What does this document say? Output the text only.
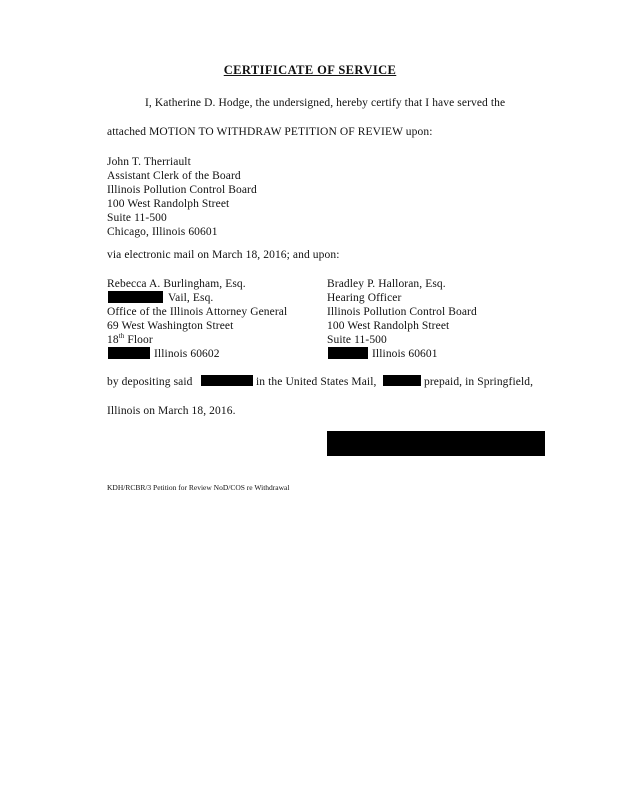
CERTIFICATE OF SERVICE
I, Katherine D. Hodge, the undersigned, hereby certify that I have served the
attached MOTION TO WITHDRAW PETITION OF REVIEW upon:
John T. Therriault
Assistant Clerk of the Board
Illinois Pollution Control Board
100 West Randolph Street
Suite 11-500
Chicago, Illinois 60601
via electronic mail on March 18, 2016; and upon:
Rebecca A. Burlingham, Esq.
Vail, Esq.
Office of the Illinois Attorney General
69 West Washington Street
18th Floor
Illinois 60602
Bradley P. Halloran, Esq.
Hearing Officer
Illinois Pollution Control Board
100 West Randolph Street
Suite 11-500
Illinois 60601
by depositing said	in the United States Mail,	prepaid, in Springfield,
Illinois on March 18, 2016.
KDH/RCBR/3 Petition for Review NoD/COS re Withdrawal
